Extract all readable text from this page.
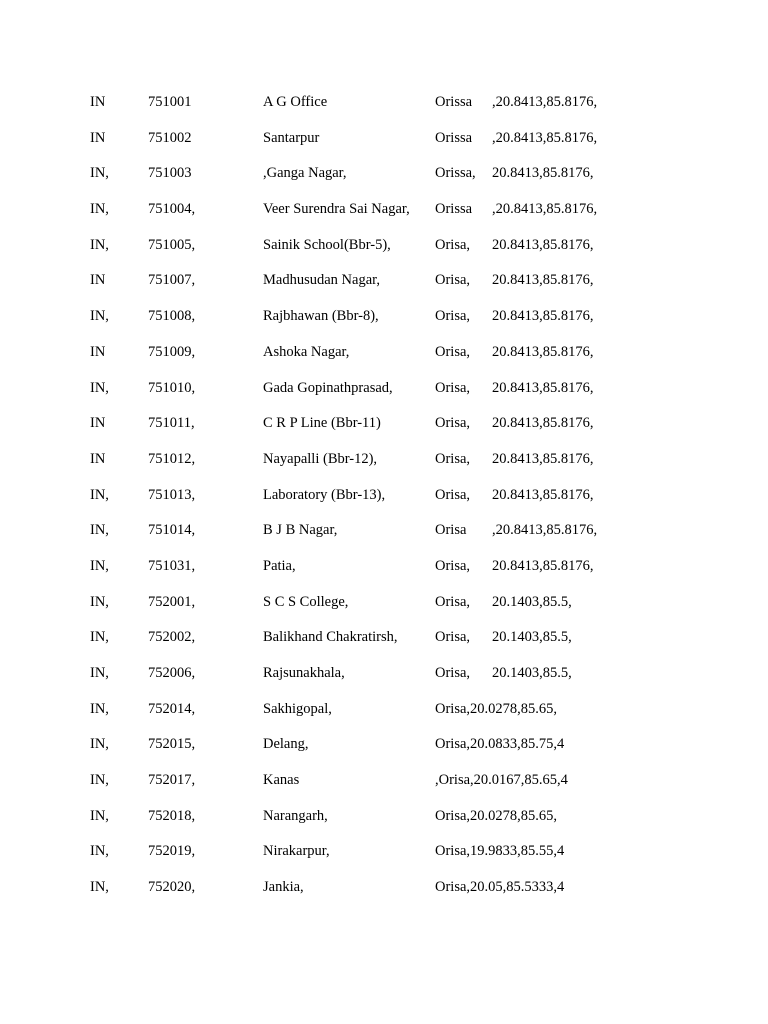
IN	751001	A G Office	Orissa ,20.8413,85.8176,
IN	751002	Santarpur	Orissa ,20.8413,85.8176,
IN,	751003	,Ganga Nagar,	Orissa, 20.8413,85.8176,
IN,	751004,	Veer Surendra Sai Nagar, Orissa ,20.8413,85.8176,
IN,	751005,	Sainik School(Bbr-5),	Orisa, 20.8413,85.8176,
IN	751007,	Madhusudan Nagar,	Orisa, 20.8413,85.8176,
IN,	751008,	Rajbhawan (Bbr-8),	Orisa, 20.8413,85.8176,
IN	751009,	Ashoka Nagar,	Orisa, 20.8413,85.8176,
IN,	751010,	Gada Gopinathprasad,	Orisa, 20.8413,85.8176,
IN	751011,	C R P Line (Bbr-11)	Orisa, 20.8413,85.8176,
IN	751012,	Nayapalli (Bbr-12),	Orisa, 20.8413,85.8176,
IN,	751013,	Laboratory (Bbr-13),	Orisa, 20.8413,85.8176,
IN,	751014,	B J B Nagar,	Orisa ,20.8413,85.8176,
IN,	751031,	Patia,	Orisa, 20.8413,85.8176,
IN,	752001,	S C S College,	Orisa, 20.1403,85.5,
IN,	752002,	Balikhand Chakratirsh,	Orisa, 20.1403,85.5,
IN,	752006,	Rajsunakhala,	Orisa, 20.1403,85.5,
IN,	752014,	Sakhigopal,	Orisa,20.0278,85.65,
IN,	752015,	Delang,	Orisa,20.0833,85.75,4
IN,	752017,	Kanas	,Orisa,20.0167,85.65,4
IN,	752018,	Narangarh,	Orisa,20.0278,85.65,
IN,	752019,	Nirakarpur,	Orisa,19.9833,85.55,4
IN,	752020,	Jankia,	Orisa,20.05,85.5333,4
